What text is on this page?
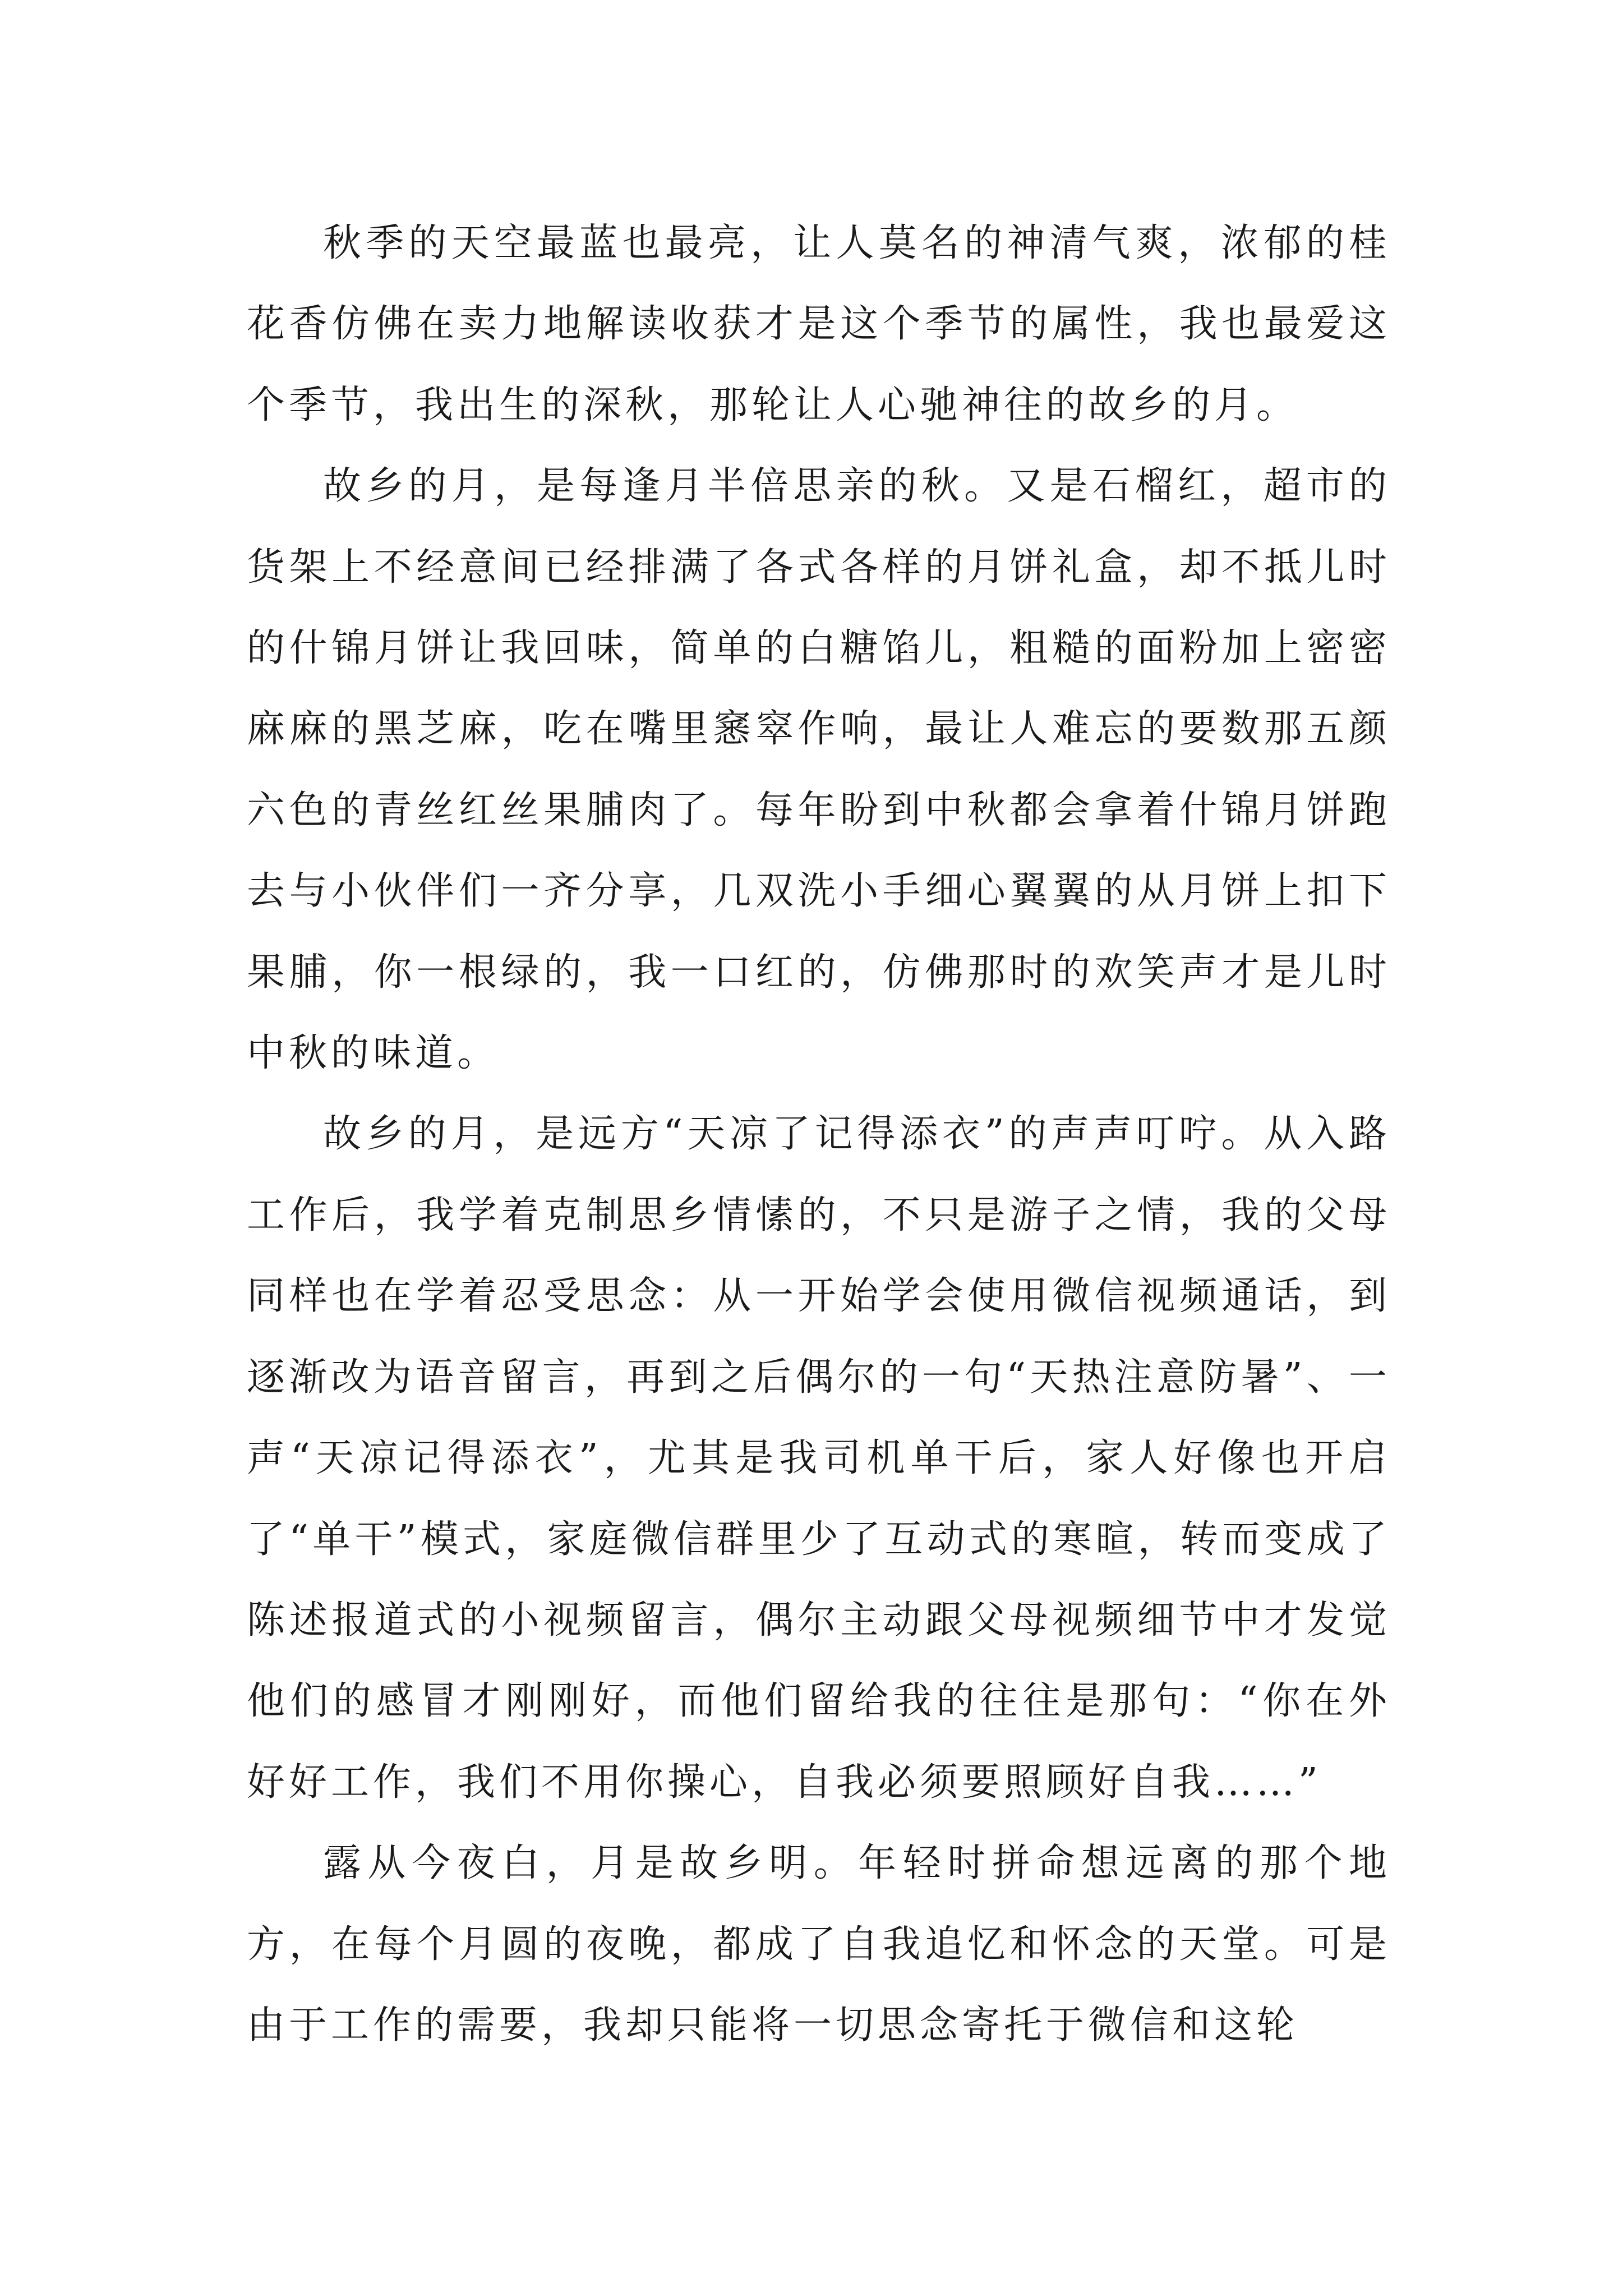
秋季的天空最蓝也最亮，让人莫名的神清气爽，浓郁的桂花香仿佛在卖力地解读收获才是这个季节的属性，我也最爱这个季节，我出生的深秋，那轮让人心驰神往的故乡的月。

故乡的月，是每逢月半倍思亲的秋。又是石榴红，超市的货架上不经意间已经排满了各式各样的月饼礼盒，却不抵儿时的什锦月饼让我回味，简单的白糖馅儿，粗糙的面粉加上密密麻麻的黑芝麻，吃在嘴里窸窣作响，最让人难忘的要数那五颜六色的青丝红丝果脯肉了。每年盼到中秋都会拿着什锦月饼跑去与小伙伴们一齐分享，几双洗小手细心翼翼的从月饼上扣下果脯，你一根绿的，我一口红的，仿佛那时的欢笑声才是儿时中秋的味道。

故乡的月，是远方“天凉了记得添衣”的声声叮咛。从入路工作后，我学着克制思乡情愫的，不只是游子之情，我的父母同样也在学着忍受思念：从一开始学会使用微信视频通话，到逐渐改为语音留言，再到之后偶尔的一句“天热注意防暑”、一声“天凉记得添衣”，尤其是我司机单干后，家人好像也开启了“单干”模式，家庭微信群里少了互动式的寒暄，转而变成了陈述报道式的小视频留言，偶尔主动跟父母视频细节中才发觉他们的感冒才刚刚好，而他们留给我的往往是那句：“你在外好好工作，我们不用你操心，自我必须要照顾好自我……”

露从今夜白，月是故乡明。年轻时拼命想远离的那个地方，在每个月圆的夜晚，都成了自我追忆和怀念的天堂。可是由于工作的需要，我却只能将一切思念寄托于微信和这轮
